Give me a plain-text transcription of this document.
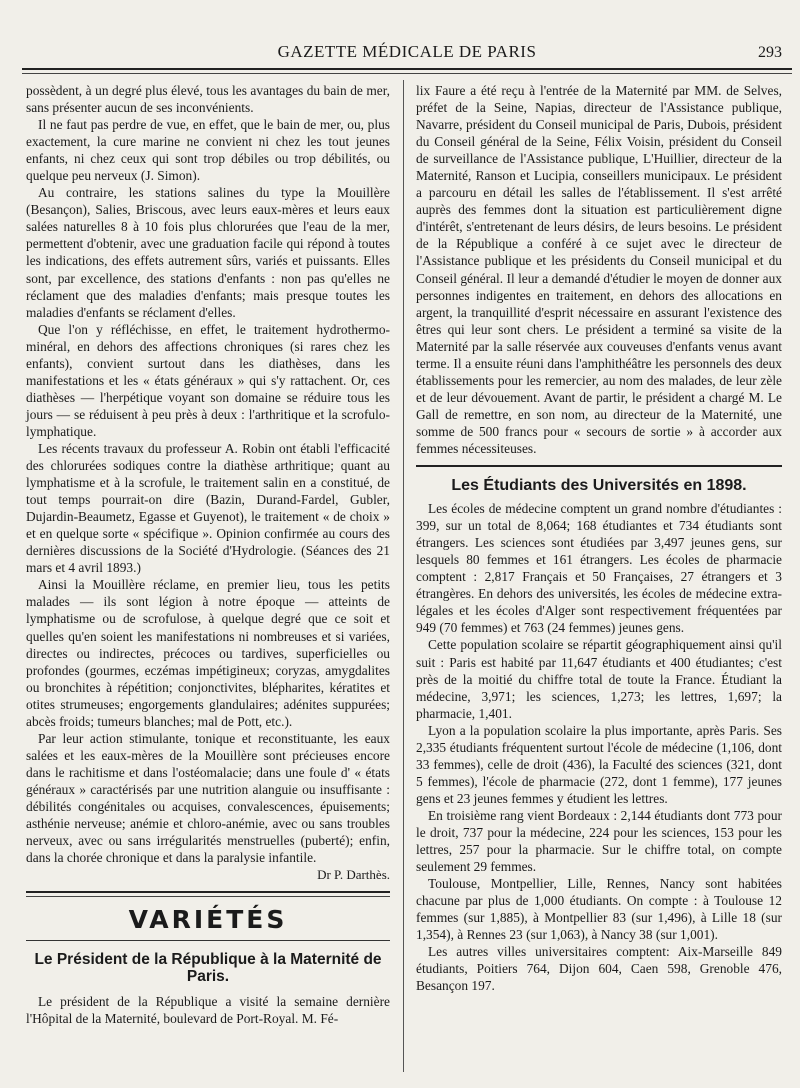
GAZETTE MÉDICALE DE PARIS	293

possèdent, à un degré plus élevé, tous les avantages du bain de mer, sans présenter aucun de ses inconvénients.

Il ne faut pas perdre de vue, en effet, que le bain de mer, ou, plus exactement, la cure marine ne convient ni chez les tout jeunes enfants, ni chez ceux qui sont trop débiles ou trop débilités, ou quelque peu nerveux (J. Simon).

Au contraire, les stations salines du type la Mouillère (Besançon), Salies, Briscous, avec leurs eaux-mères et leurs eaux salées naturelles 8 à 10 fois plus chlorurées que l'eau de la mer, permettent d'obtenir, avec une graduation facile qui répond à toutes les indications, des effets autrement sûrs, variés et puissants. Elles sont, par excellence, des stations d'enfants : non pas qu'elles ne réclament que des maladies d'enfants; mais presque toutes les maladies d'enfants se réclament d'elles.

Que l'on y réfléchisse, en effet, le traitement hydrothermo-minéral, en dehors des affections chroniques (si rares chez les enfants), convient surtout dans les diathèses, dans les manifestations et les « états généraux » qui s'y rattachent. Or, ces diathèses — l'herpétique voyant son domaine se réduire tous les jours — se réduisent à peu près à deux : l'arthritique et la scrofulo-lymphatique.

Les récents travaux du professeur A. Robin ont établi l'efficacité des chlorurées sodiques contre la diathèse arthritique; quant au lymphatisme et à la scrofule, le traitement salin en a constitué, de tout temps pourrait-on dire (Bazin, Durand-Fardel, Gubler, Dujardin-Beaumetz, Egasse et Guyenot), le traitement « de choix » et en quelque sorte « spécifique ». Opinion confirmée au cours des dernières discussions de la Société d'Hydrologie. (Séances des 21 mars et 4 avril 1893.)

Ainsi la Mouillère réclame, en premier lieu, tous les petits malades — ils sont légion à notre époque — atteints de lymphatisme ou de scrofulose, à quelque degré que ce soit et quelles qu'en soient les manifestations ni nombreuses et si variées, directes ou indirectes, précoces ou tardives, superficielles ou profondes (gourmes, eczémas impétigineux; coryzas, amygdalites ou bronchites à répétition; conjonctivites, blépharites, kératites et otites strumeuses; engorgements glandulaires; adénites suppurées; abcès froids; tumeurs blanches; mal de Pott, etc.).

Par leur action stimulante, tonique et reconstituante, les eaux salées et les eaux-mères de la Mouillère sont précieuses encore dans le rachitisme et dans l'ostéomalacie; dans une foule d' « états généraux » caractérisés par une nutrition alanguie ou insuffisante : débilités congénitales ou acquises, convalescences, épuisements; asthénie nerveuse; anémie et chloro-anémie, avec ou sans troubles nerveux, avec ou sans irrégularités menstruelles (puberté); enfin, dans la chorée chronique et dans la paralysie infantile.

Dr P. Darthès.
VARIÉTÉS
Le Président de la République à la Maternité de Paris.

Le président de la République a visité la semaine dernière l'Hôpital de la Maternité, boulevard de Port-Royal. M. Fé-

lix Faure a été reçu à l'entrée de la Maternité par MM. de Selves, préfet de la Seine, Napias, directeur de l'Assistance publique, Navarre, président du Conseil municipal de Paris, Dubois, président du Conseil général de la Seine, Félix Voisin, président du Conseil de surveillance de l'Assistance publique, L'Huillier, directeur de la Maternité, Ranson et Lucipia, conseillers municipaux. Le président a parcouru en détail les salles de l'établissement. Il s'est arrêté auprès des femmes dont la situation est particulièrement digne d'intérêt, s'entretenant de leurs désirs, de leurs besoins. Le président de la République a conféré à ce sujet avec le directeur de l'Assistance publique et les présidents du Conseil municipal et du Conseil général. Il leur a demandé d'étudier le moyen de donner aux personnes indigentes en traitement, en dehors des allocations en argent, la tranquillité d'esprit nécessaire en assurant l'existence des êtres qui leur sont chers. Le président a terminé sa visite de la Maternité par la salle réservée aux couveuses d'enfants venus avant terme. Il a ensuite réuni dans l'amphithéâtre les personnels des deux établissements pour les remercier, au nom des malades, de leur zèle et de leur dévouement. Avant de partir, le président a chargé M. Le Gall de remettre, en son nom, au directeur de la Maternité, une somme de 500 francs pour « secours de sortie » à accorder aux femmes nécessiteuses.

Les Étudiants des Universités en 1898.

Les écoles de médecine comptent un grand nombre d'étudiantes : 399, sur un total de 8,064; 168 étudiantes et 734 étudiants sont étrangers. Les sciences sont étudiées par 3,497 jeunes gens, sur lesquels 80 femmes et 161 étrangers. Les écoles de pharmacie comptent : 2,817 Français et 50 Françaises, 27 étrangers et 3 étrangères. En dehors des universités, les écoles de médecine extra-légales et les écoles d'Alger sont respectivement fréquentées par 949 (70 femmes) et 763 (24 femmes) jeunes gens.

Cette population scolaire se répartit géographiquement ainsi qu'il suit : Paris est habité par 11,647 étudiants et 400 étudiantes; c'est près de la moitié du chiffre total de toute la France. Étudiant la médecine, 3,971; les sciences, 1,273; les lettres, 1,697; la pharmacie, 1,401.

Lyon a la population scolaire la plus importante, après Paris. Ses 2,335 étudiants fréquentent surtout l'école de médecine (1,106, dont 33 femmes), celle de droit (436), la Faculté des sciences (321, dont 5 femmes), l'école de pharmacie (272, dont 1 femme), 177 jeunes gens et 23 jeunes femmes y étudient les lettres.

En troisième rang vient Bordeaux : 2,144 étudiants dont 773 pour le droit, 737 pour la médecine, 224 pour les sciences, 153 pour les lettres, 257 pour la pharmacie. Sur le chiffre total, on compte seulement 29 femmes.

Toulouse, Montpellier, Lille, Rennes, Nancy sont habitées chacune par plus de 1,000 étudiants. On compte : à Toulouse 12 femmes (sur 1,885), à Montpellier 83 (sur 1,496), à Lille 18 (sur 1,354), à Rennes 23 (sur 1,063), à Nancy 38 (sur 1,001).

Les autres villes universitaires comptent: Aix-Marseille 849 étudiants, Poitiers 764, Dijon 604, Caen 598, Grenoble 476, Besançon 197.
